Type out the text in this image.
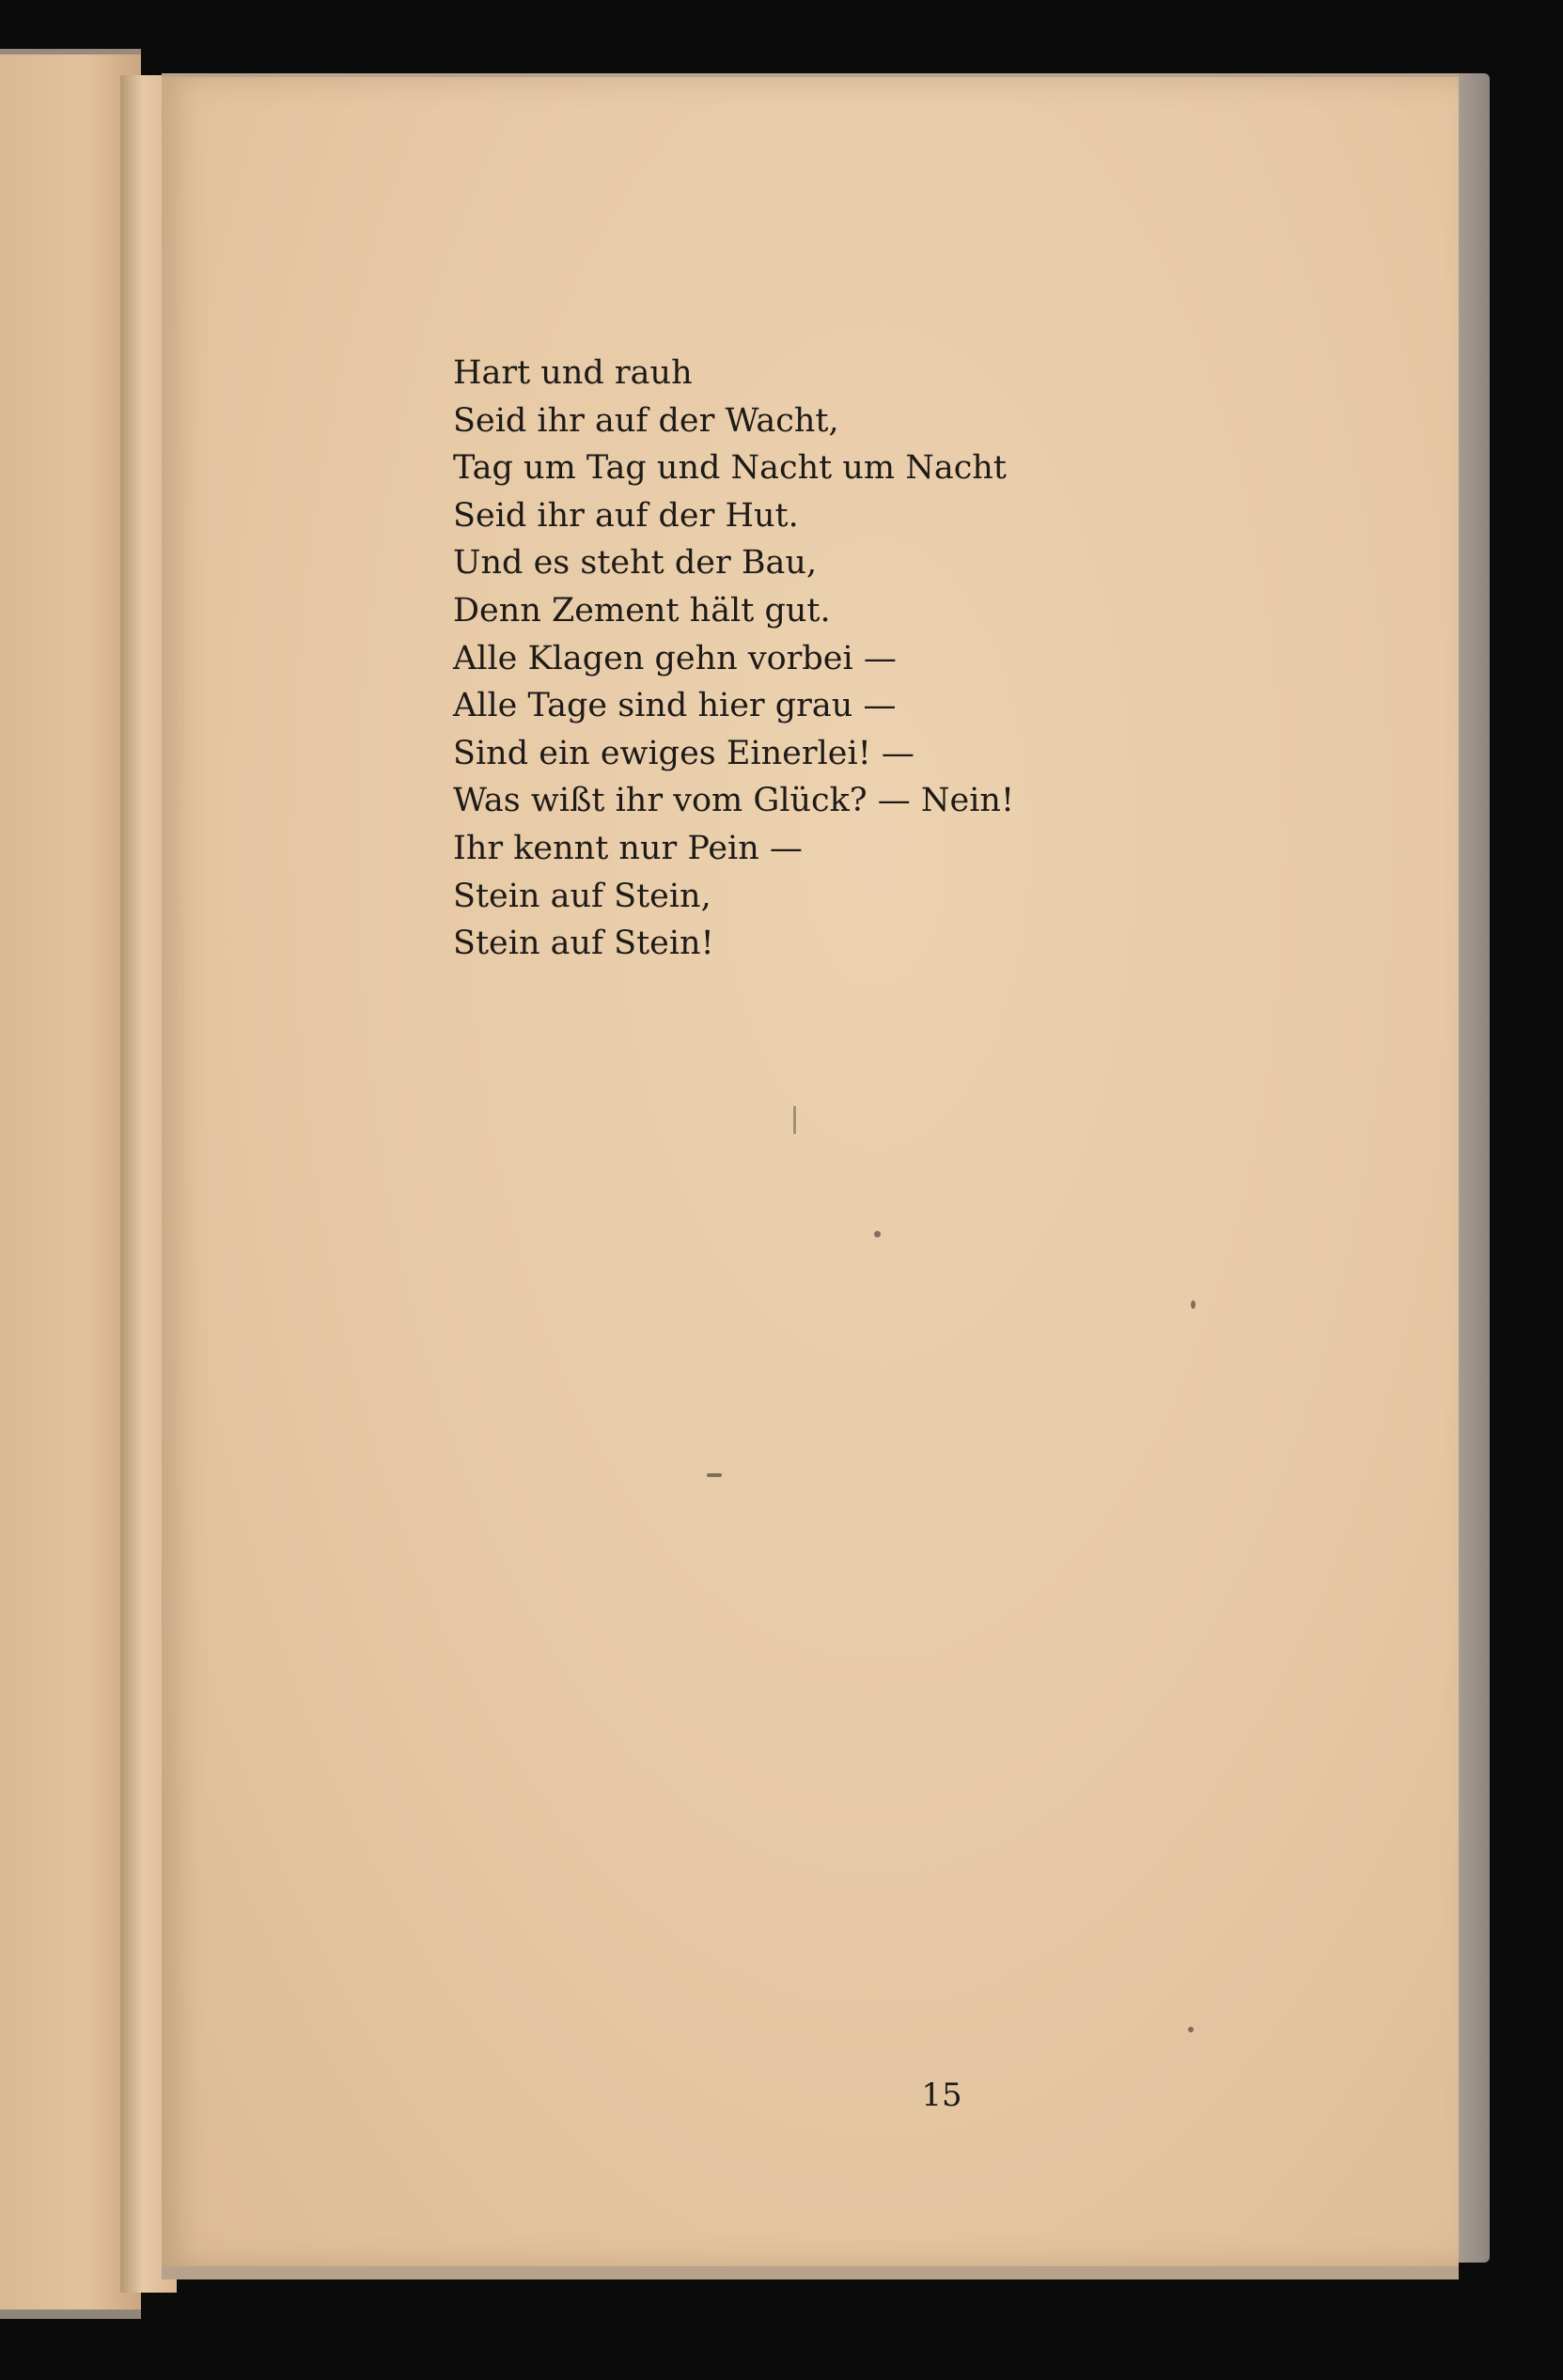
Hart und rauh
Seid ihr auf der Wacht,
Tag um Tag und Nacht um Nacht
Seid ihr auf der Hut.
Und es steht der Bau,
Denn Zement hält gut.
Alle Klagen gehn vorbei —
Alle Tage sind hier grau —
Sind ein ewiges Einerlei! —
Was wißt ihr vom Glück? — Nein!
Ihr kennt nur Pein —
Stein auf Stein,
Stein auf Stein!
15
